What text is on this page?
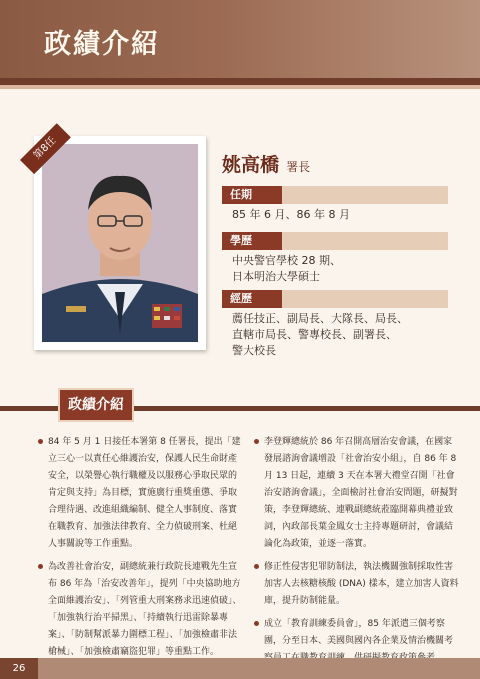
政績介紹
第8任
姚高橋 署長
任期
85 年 6 月、86 年 8 月
學歷
中央警官學校 28 期、
日本明治大學碩士
經歷
薦任技正、副局長、大隊長、局長、
直轄市局長、警專校長、副署長、
警大校長
政績介紹
84 年 5 月 1 日接任本署第 8 任署長，提出「建立三心一以責任心維護治安，保護人民生命財產安全，以榮譽心執行職權及以服務心爭取民眾的肯定與支持」為目標，實施廣行重獎重懲、爭取合理待遇、改進組織編制、健全人事制度、落實在職教育、加強法律教育、全力偵破刑案、杜絕人事關說等工作重點。
為改善社會治安，副總統兼行政院長連戰先生宣布 86 年為「治安改善年」，提列「中央協助地方全面維護治安」、「列管重大刑案務求迅速偵破」、「加強執行治平掃黑」、「持續執行迅雷除暴專案」、「防制幫派暴力圍標工程」、「加強檢肅非法槍械」、「加強檢肅竊盜犯罪」等重點工作。
李登輝總統於 86 年召開高層治安會議，在國家發展諮詢會議增設「社會治安小組」，自 86 年 8 月 13 日起，連續 3 天在本署大禮堂召開「社會治安諮詢會議」，全面檢討社會治安問題，研擬對策，李登輝總統、連戰副總統蒞臨開幕典禮並致詞，內政部長葉金鳳女士主持專題研討，會議結論化為政策，並逐一落實。
修正性侵害犯罪防制法，執法機關強制採取性害加害人去核糖核酸 (DNA) 樣本，建立加害人資料庫，提升防制能量。
成立「教育訓練委員會」，85 年派遣三個考察團，分至日本、美國與國內各企業及情治機關考
26
